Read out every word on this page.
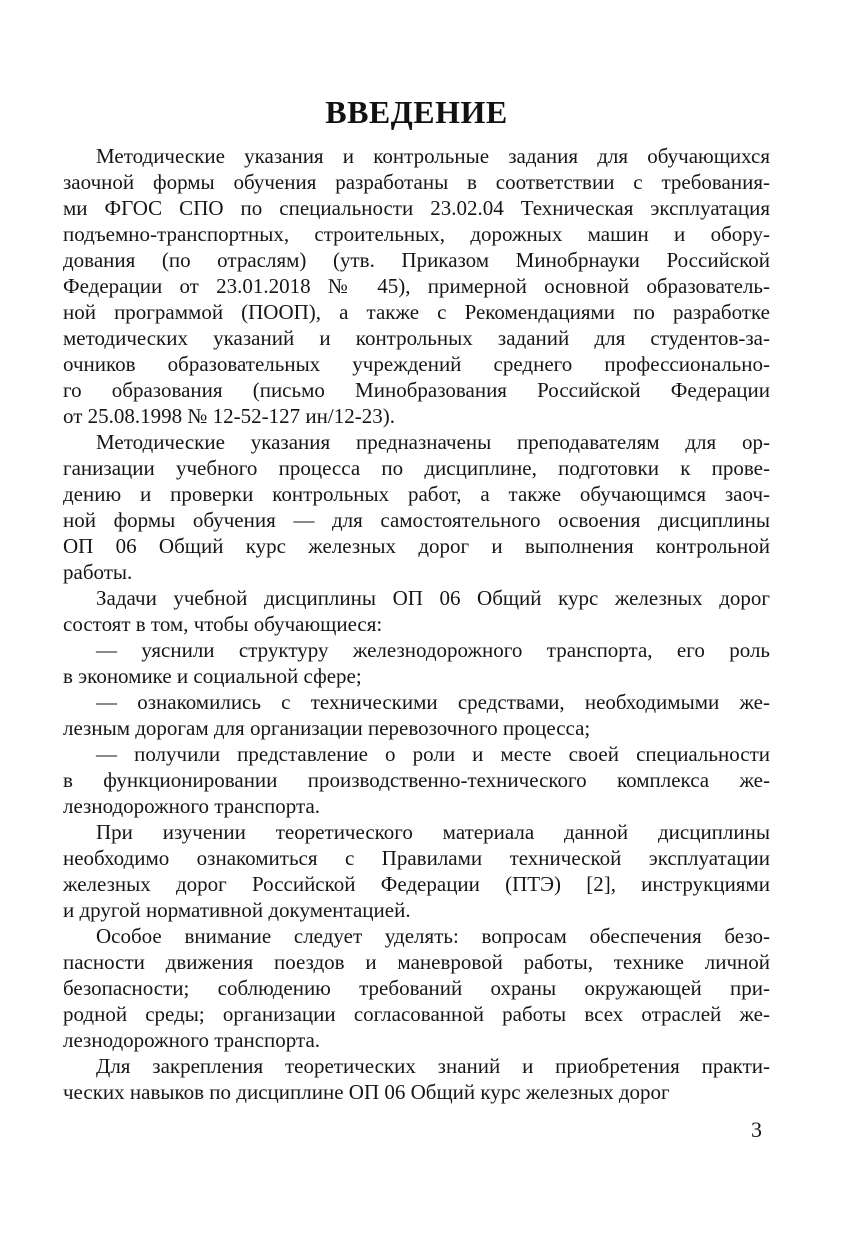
ВВЕДЕНИЕ

Методические указания и контрольные задания для обучающихся
заочной формы обучения разработаны в соответствии с требования-
ми ФГОС СПО по специальности 23.02.04 Техническая эксплуатация
подъемно-транспортных, строительных, дорожных машин и обору-
дования (по отраслям) (утв. Приказом Минобрнауки Российской
Федерации от 23.01.2018 № 45), примерной основной образователь-
ной программой (ПООП), а также с Рекомендациями по разработке
методических указаний и контрольных заданий для студентов-за-
очников образовательных учреждений среднего профессионально-
го образования (письмо Минобразования Российской Федерации
от 25.08.1998 № 12-52-127 ин/12-23).

Методические указания предназначены преподавателям для ор-
ганизации учебного процесса по дисциплине, подготовки к прове-
дению и проверки контрольных работ, а также обучающимся заоч-
ной формы обучения — для самостоятельного освоения дисциплины
ОП 06 Общий курс железных дорог и выполнения контрольной
работы.

Задачи учебной дисциплины ОП 06 Общий курс железных дорог
состоят в том, чтобы обучающиеся:

— уяснили структуру железнодорожного транспорта, его роль
в экономике и социальной сфере;

— ознакомились с техническими средствами, необходимыми же-
лезным дорогам для организации перевозочного процесса;

— получили представление о роли и месте своей специальности
в функционировании производственно-технического комплекса же-
лезнодорожного транспорта.

При изучении теоретического материала данной дисциплины
необходимо ознакомиться с Правилами технической эксплуатации
железных дорог Российской Федерации (ПТЭ) [2], инструкциями
и другой нормативной документацией.

Особое внимание следует уделять: вопросам обеспечения безо-
пасности движения поездов и маневровой работы, технике личной
безопасности; соблюдению требований охраны окружающей при-
родной среды; организации согласованной работы всех отраслей же-
лезнодорожного транспорта.

Для закрепления теоретических знаний и приобретения практи-
ческих навыков по дисциплине ОП 06 Общий курс железных дорог

3
